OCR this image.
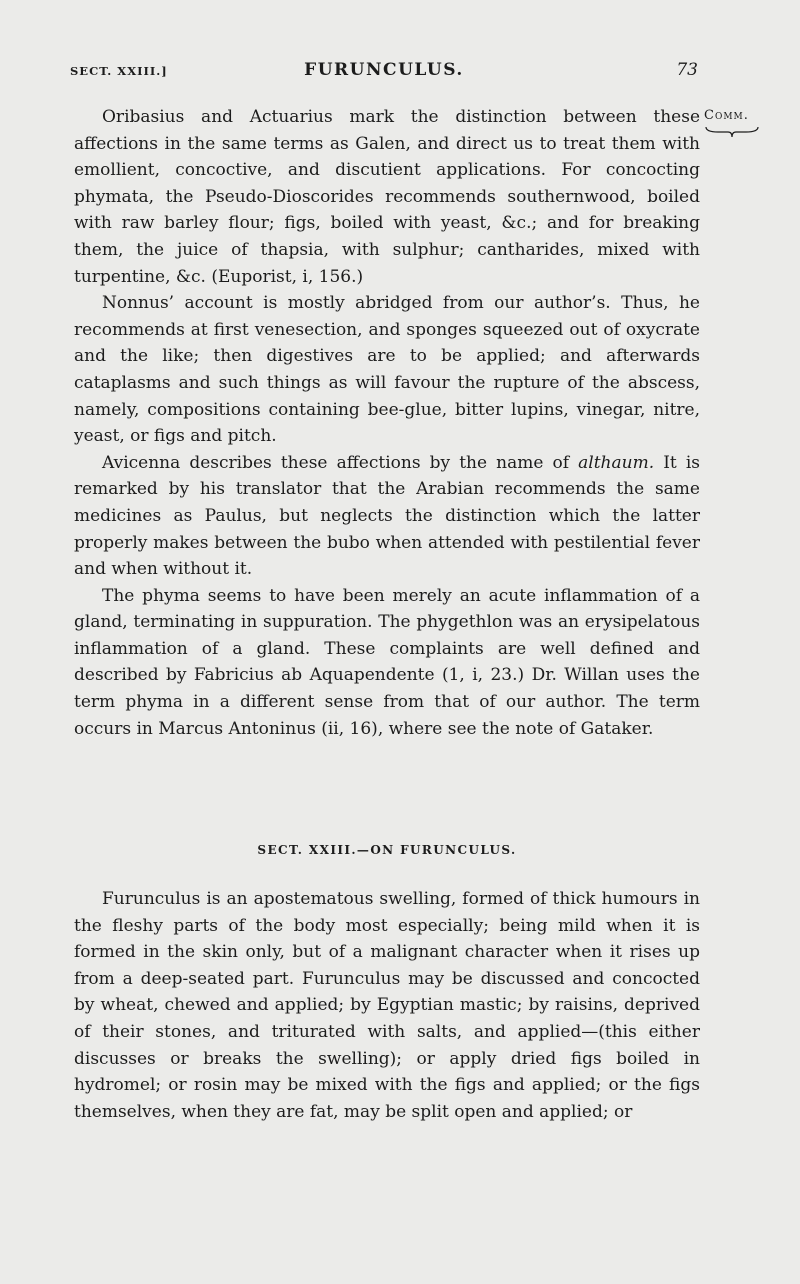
SECT. XXIII.]	FURUNCULUS.	73
Comm.

Oribasius and Actuarius mark the distinction between these affections in the same terms as Galen, and direct us to treat them with emollient, concoctive, and discutient applications. For concocting phymata, the Pseudo-Dioscorides recommends southernwood, boiled with raw barley flour; figs, boiled with yeast, &c.; and for breaking them, the juice of thapsia, with sulphur; cantharides, mixed with turpentine, &c. (Euporist, i, 156.)

Nonnus’ account is mostly abridged from our author’s. Thus, he recommends at first venesection, and sponges squeezed out of oxycrate and the like; then digestives are to be applied; and afterwards cataplasms and such things as will favour the rupture of the abscess, namely, compositions containing bee-glue, bitter lupins, vinegar, nitre, yeast, or figs and pitch.

Avicenna describes these affections by the name of althaum. It is remarked by his translator that the Arabian recommends the same medicines as Paulus, but neglects the distinction which the latter properly makes between the bubo when attended with pestilential fever and when without it.

The phyma seems to have been merely an acute inflammation of a gland, terminating in suppuration. The phygethlon was an erysipelatous inflammation of a gland. These complaints are well defined and described by Fabricius ab Aquapendente (1, i, 23.) Dr. Willan uses the term phyma in a different sense from that of our author. The term occurs in Marcus Antoninus (ii, 16), where see the note of Gataker.

SECT. XXIII.—ON FURUNCULUS.

Furunculus is an apostematous swelling, formed of thick humours in the fleshy parts of the body most especially; being mild when it is formed in the skin only, but of a malignant character when it rises up from a deep-seated part. Furunculus may be discussed and concocted by wheat, chewed and applied; by Egyptian mastic; by raisins, deprived of their stones, and triturated with salts, and applied—(this either discusses or breaks the swelling); or apply dried figs boiled in hydromel; or rosin may be mixed with the figs and applied; or the figs themselves, when they are fat, may be split open and applied; or
